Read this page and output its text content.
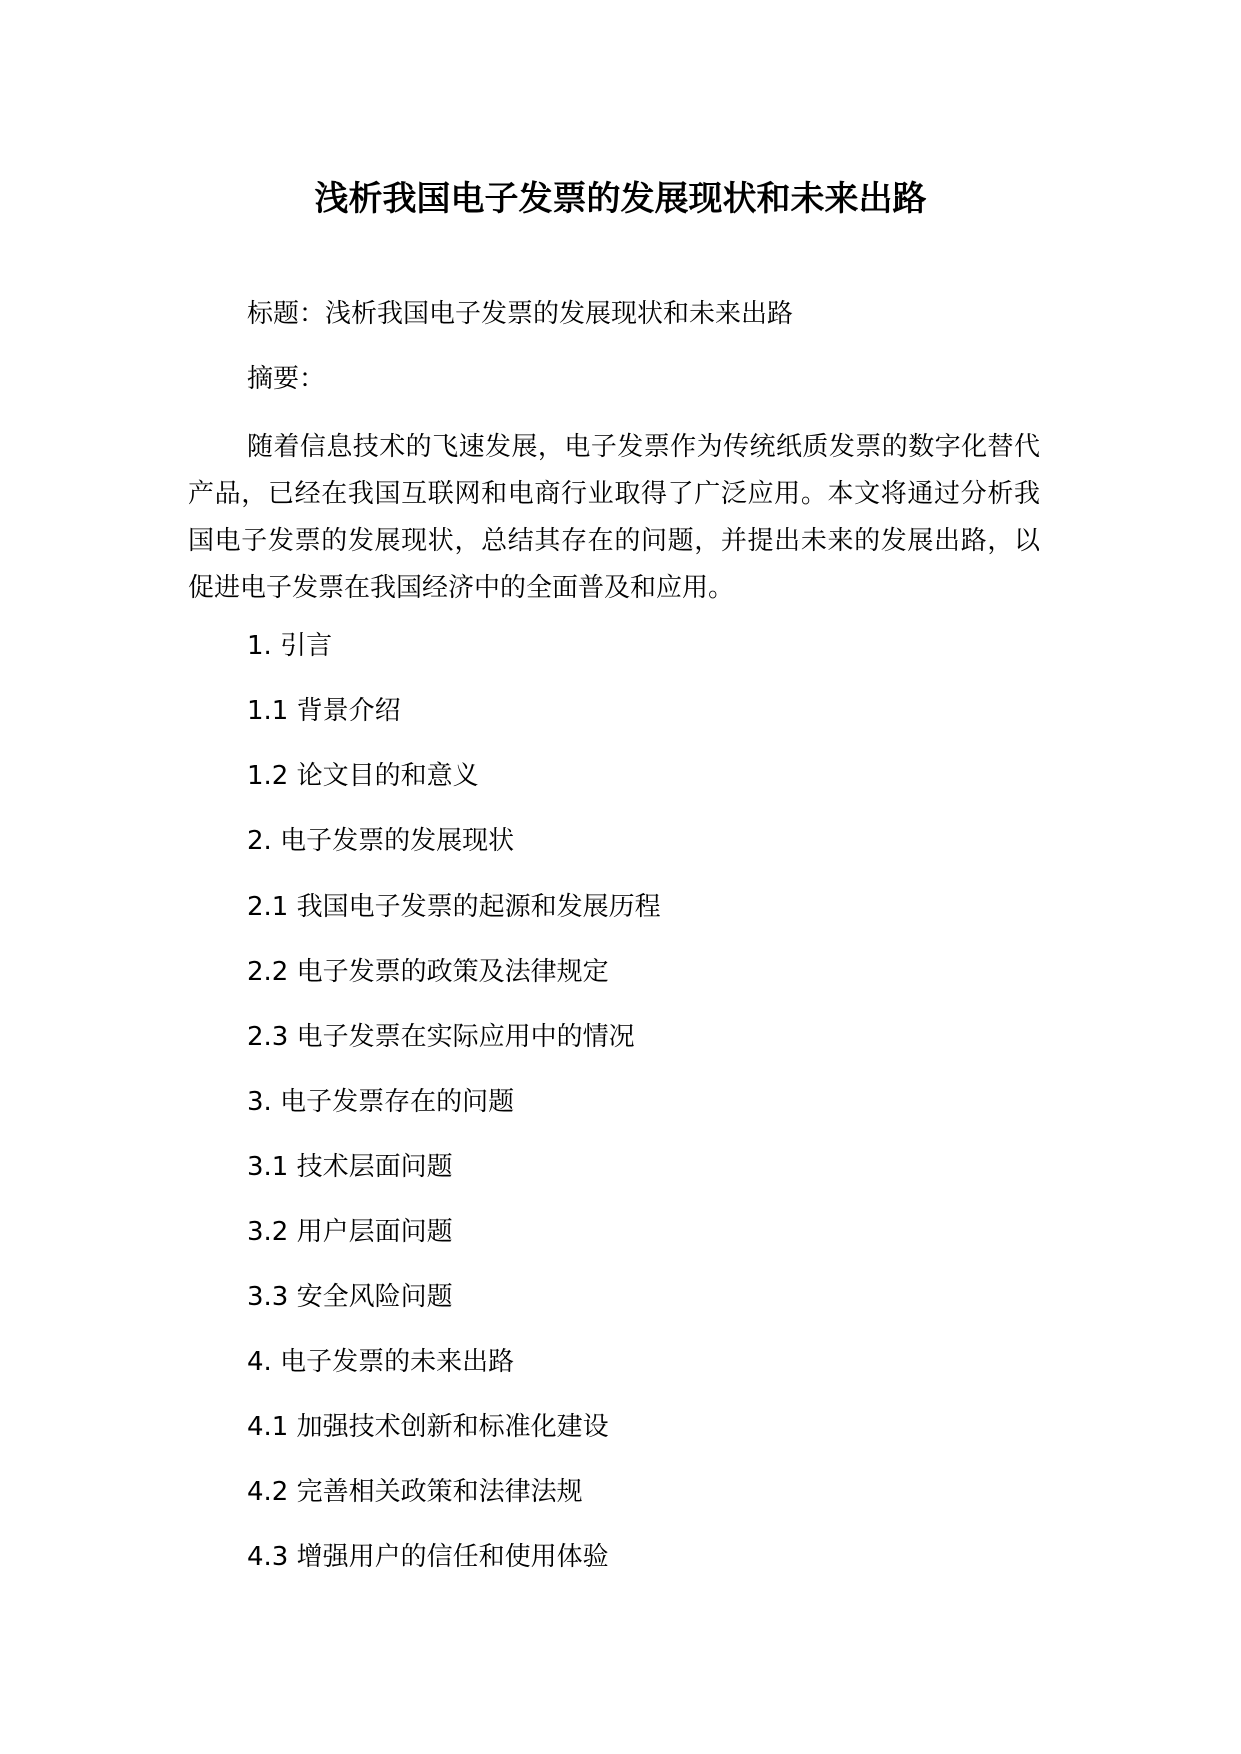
浅析我国电子发票的发展现状和未来出路
标题：浅析我国电子发票的发展现状和未来出路
摘要：
随着信息技术的飞速发展，电子发票作为传统纸质发票的数字化替代产品，已经在我国互联网和电商行业取得了广泛应用。本文将通过分析我国电子发票的发展现状，总结其存在的问题，并提出未来的发展出路，以促进电子发票在我国经济中的全面普及和应用。
1. 引言
1.1 背景介绍
1.2 论文目的和意义
2. 电子发票的发展现状
2.1 我国电子发票的起源和发展历程
2.2 电子发票的政策及法律规定
2.3 电子发票在实际应用中的情况
3. 电子发票存在的问题
3.1 技术层面问题
3.2 用户层面问题
3.3 安全风险问题
4. 电子发票的未来出路
4.1 加强技术创新和标准化建设
4.2 完善相关政策和法律法规
4.3 增强用户的信任和使用体验
